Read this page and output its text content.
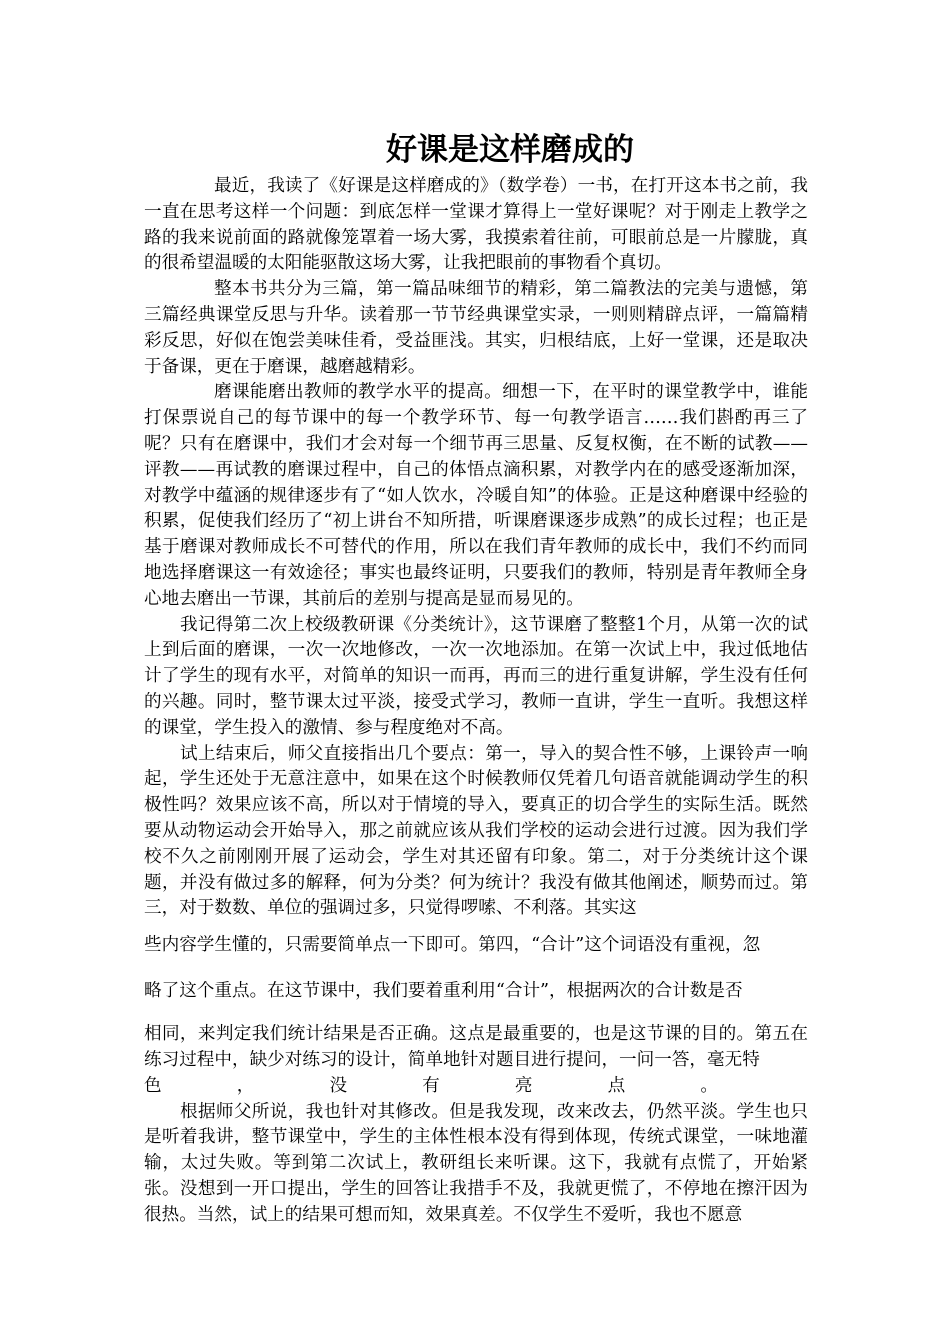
好课是这样磨成的

最近，我读了《好课是这样磨成的》（数学卷）一书，在打开这本书之前，我一直在思考这样一个问题：到底怎样一堂课才算得上一堂好课呢？对于刚走上教学之路的我来说前面的路就像笼罩着一场大雾，我摸索着往前，可眼前总是一片朦胧，真的很希望温暖的太阳能驱散这场大雾，让我把眼前的事物看个真切。

整本书共分为三篇，第一篇品味细节的精彩，第二篇教法的完美与遗憾，第三篇经典课堂反思与升华。读着那一节节经典课堂实录，一则则精辟点评，一篇篇精彩反思，好似在饱尝美味佳肴，受益匪浅。其实，归根结底，上好一堂课，还是取决于备课，更在于磨课，越磨越精彩。

磨课能磨出教师的教学水平的提高。细想一下，在平时的课堂教学中，谁能打保票说自己的每节课中的每一个教学环节、每一句教学语言……我们斟酌再三了呢？只有在磨课中，我们才会对每一个细节再三思量、反复权衡，在不断的试教——评教——再试教的磨课过程中，自己的体悟点滴积累，对教学内在的感受逐渐加深，对教学中蕴涵的规律逐步有了“如人饮水，冷暖自知”的体验。正是这种磨课中经验的积累，促使我们经历了“初上讲台不知所措，听课磨课逐步成熟”的成长过程；也正是基于磨课对教师成长不可替代的作用，所以在我们青年教师的成长中，我们不约而同地选择磨课这一有效途径；事实也最终证明，只要我们的教师，特别是青年教师全身心地去磨出一节课，其前后的差别与提高是显而易见的。

我记得第二次上校级教研课《分类统计》，这节课磨了整整1个月，从第一次的试上到后面的磨课，一次一次地修改，一次一次地添加。在第一次试上中，我过低地估计了学生的现有水平，对简单的知识一而再，再而三的进行重复讲解，学生没有任何的兴趣。同时，整节课太过平淡，接受式学习，教师一直讲，学生一直听。我想这样的课堂，学生投入的激情、参与程度绝对不高。

试上结束后，师父直接指出几个要点：第一，导入的契合性不够，上课铃声一响起，学生还处于无意注意中，如果在这个时候教师仅凭着几句语音就能调动学生的积极性吗？效果应该不高，所以对于情境的导入，要真正的切合学生的实际生活。既然要从动物运动会开始导入，那之前就应该从我们学校的运动会进行过渡。因为我们学校不久之前刚刚开展了运动会，学生对其还留有印象。第二，对于分类统计这个课题，并没有做过多的解释，何为分类？何为统计？我没有做其他阐述，顺势而过。第三，对于数数、单位的强调过多，只觉得啰嗦、不利落。其实这

些内容学生懂的，只需要简单点一下即可。第四，“合计”这个词语没有重视，忽

略了这个重点。在这节课中，我们要着重利用“合计”，根据两次的合计数是否

相同，来判定我们统计结果是否正确。这点是最重要的，也是这节课的目的。第五在练习过程中，缺少对练习的设计，简单地针对题目进行提问，一问一答，毫无特

色	，	没	有	亮	点	。

根据师父所说，我也针对其修改。但是我发现，改来改去，仍然平淡。学生也只是听着我讲，整节课堂中，学生的主体性根本没有得到体现，传统式课堂，一味地灌输，太过失败。等到第二次试上，教研组长来听课。这下，我就有点慌了，开始紧张。没想到一开口提出，学生的回答让我措手不及，我就更慌了，不停地在擦汗因为很热。当然，试上的结果可想而知，效果真差。不仅学生不爱听，我也不愿意
